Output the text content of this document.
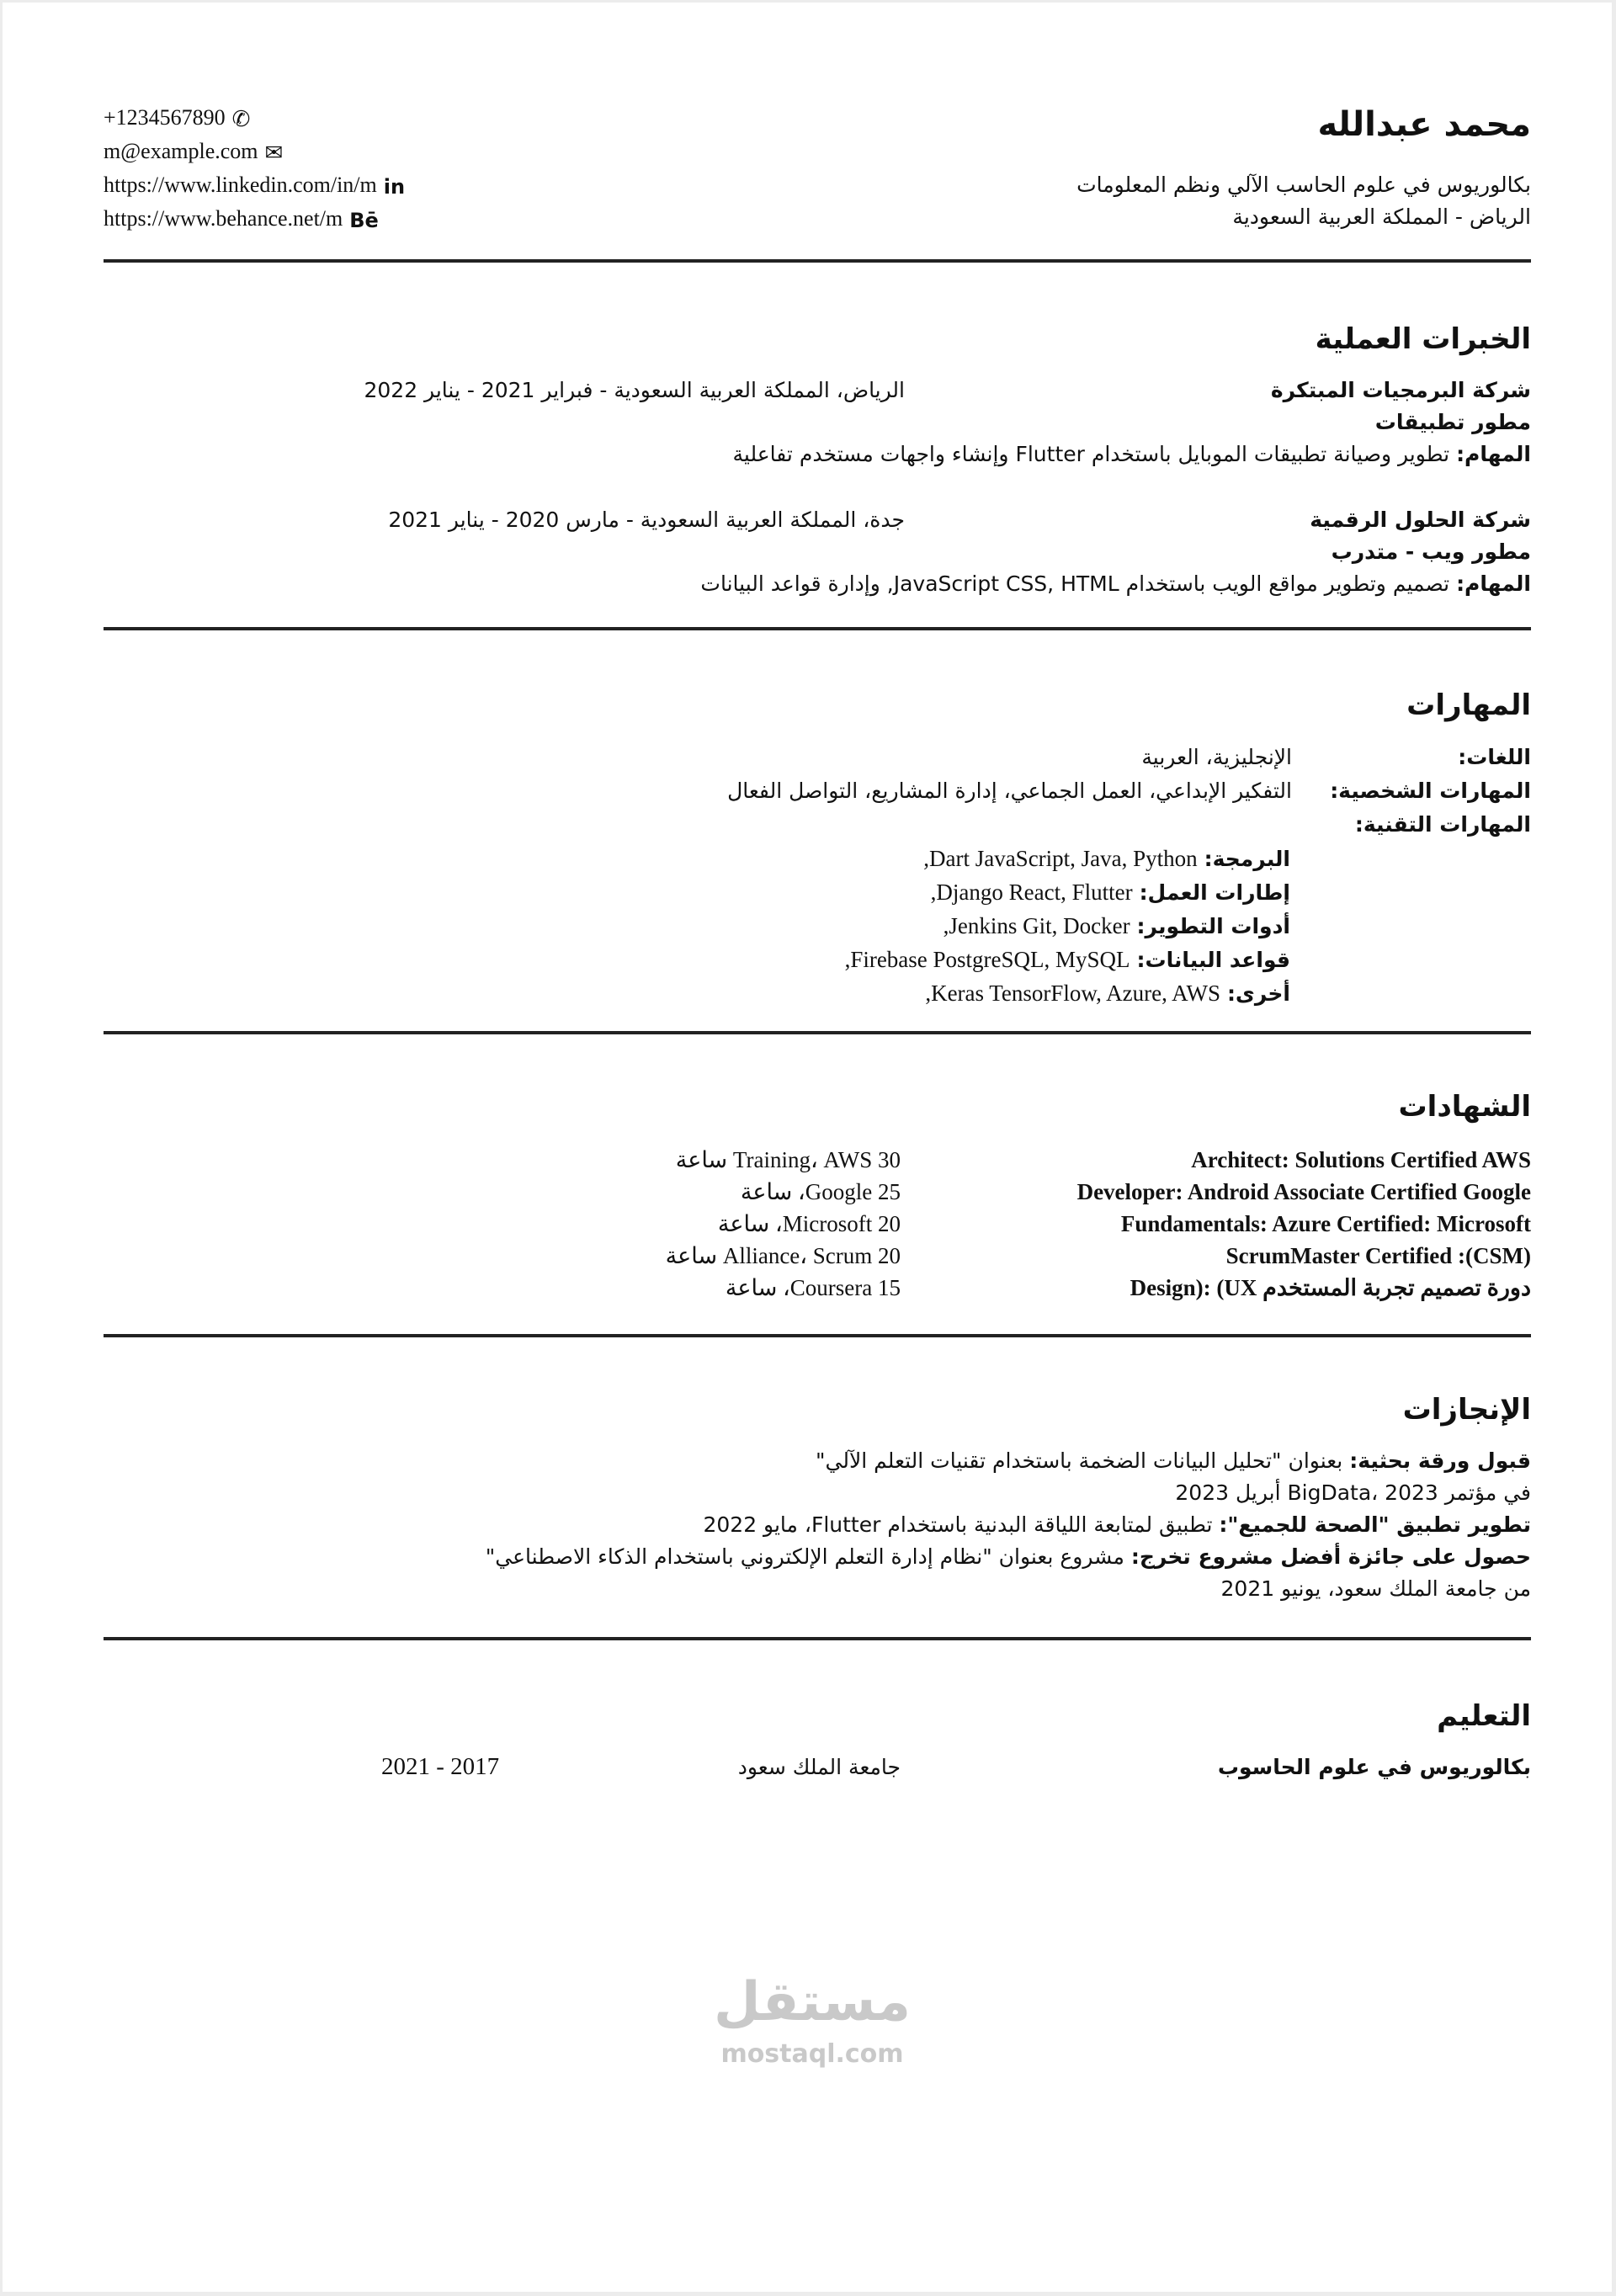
محمد عبدالله
بكالوريوس في علوم الحاسب الآلي ونظم المعلومات
الرياض - المملكة العربية السعودية
+1234567890 ✆
m@example.com ✉
https://www.linkedin.com/in/m in
https://www.behance.net/m Bē
الخبرات العملية
شركة البرمجيات المبتكرة
الرياض، المملكة العربية السعودية - فبراير 2021 - يناير 2022
مطور تطبيقات
المهام: تطوير وصيانة تطبيقات الموبايل باستخدام Flutter وإنشاء واجهات مستخدم تفاعلية
شركة الحلول الرقمية
جدة، المملكة العربية السعودية - مارس 2020 - يناير 2021
مطور ويب - متدرب
المهام: تصميم وتطوير مواقع الويب باستخدام JavaScript CSS, HTML, وإدارة قواعد البيانات
المهارات
اللغات:
الإنجليزية، العربية
المهارات الشخصية:
التفكير الإبداعي، العمل الجماعي، إدارة المشاريع، التواصل الفعال
المهارات التقنية:
البرمجة: Dart JavaScript, Java, Python,
إطارات العمل: Django React, Flutter,
أدوات التطوير: Jenkins Git, Docker,
قواعد البيانات: Firebase PostgreSQL, MySQL,
أخرى: Keras TensorFlow, Azure, AWS,
الشهادات
Architect: Solutions Certified AWS
30 Training، AWS ساعة
Developer: Android Associate Certified Google
25 Google، ساعة
Fundamentals: Azure Certified: Microsoft
20 Microsoft، ساعة
(CSM): ScrumMaster Certified
20 Alliance، Scrum ساعة
دورة تصميم تجربة المستخدم Design): (UX
15 Coursera، ساعة
الإنجازات
قبول ورقة بحثية: بعنوان "تحليل البيانات الضخمة باستخدام تقنيات التعلم الآلي"
في مؤتمر BigData، 2023 أبريل 2023
تطوير تطبيق "الصحة للجميع": تطبيق لمتابعة اللياقة البدنية باستخدام Flutter، مايو 2022
حصول على جائزة أفضل مشروع تخرج: مشروع بعنوان "نظام إدارة التعلم الإلكتروني باستخدام الذكاء الاصطناعي"
من جامعة الملك سعود، يونيو 2021
التعليم
بكالوريوس في علوم الحاسوب
جامعة الملك سعود
2021 - 2017
مستقل
mostaql.com
